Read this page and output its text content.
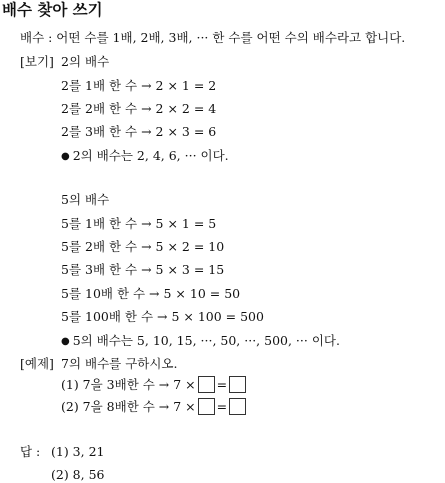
배수 찾아 쓰기
배수 : 어떤 수를 1배, 2배, 3배, ··· 한 수를 어떤 수의 배수라고 합니다.
[보기] 2의 배수
2를 1배 한 수 → 2 × 1 = 2
2를 2배 한 수 → 2 × 2 = 4
2를 3배 한 수 → 2 × 3 = 6
● 2의 배수는 2, 4, 6, ··· 이다.
5의 배수
5를 1배 한 수 → 5 × 1 = 5
5를 2배 한 수 → 5 × 2 = 10
5를 3배 한 수 → 5 × 3 = 15
5를 10배 한 수 → 5 × 10 = 50
5를 100배 한 수 → 5 × 100 = 500
● 5의 배수는 5, 10, 15, ···, 50, ···, 500, ··· 이다.
[예제] 7의 배수를 구하시오.
(1) 7을 3배한 수 → 7 × =
(2) 7을 8배한 수 → 7 × =
답 : (1) 3, 21
(2) 8, 56
